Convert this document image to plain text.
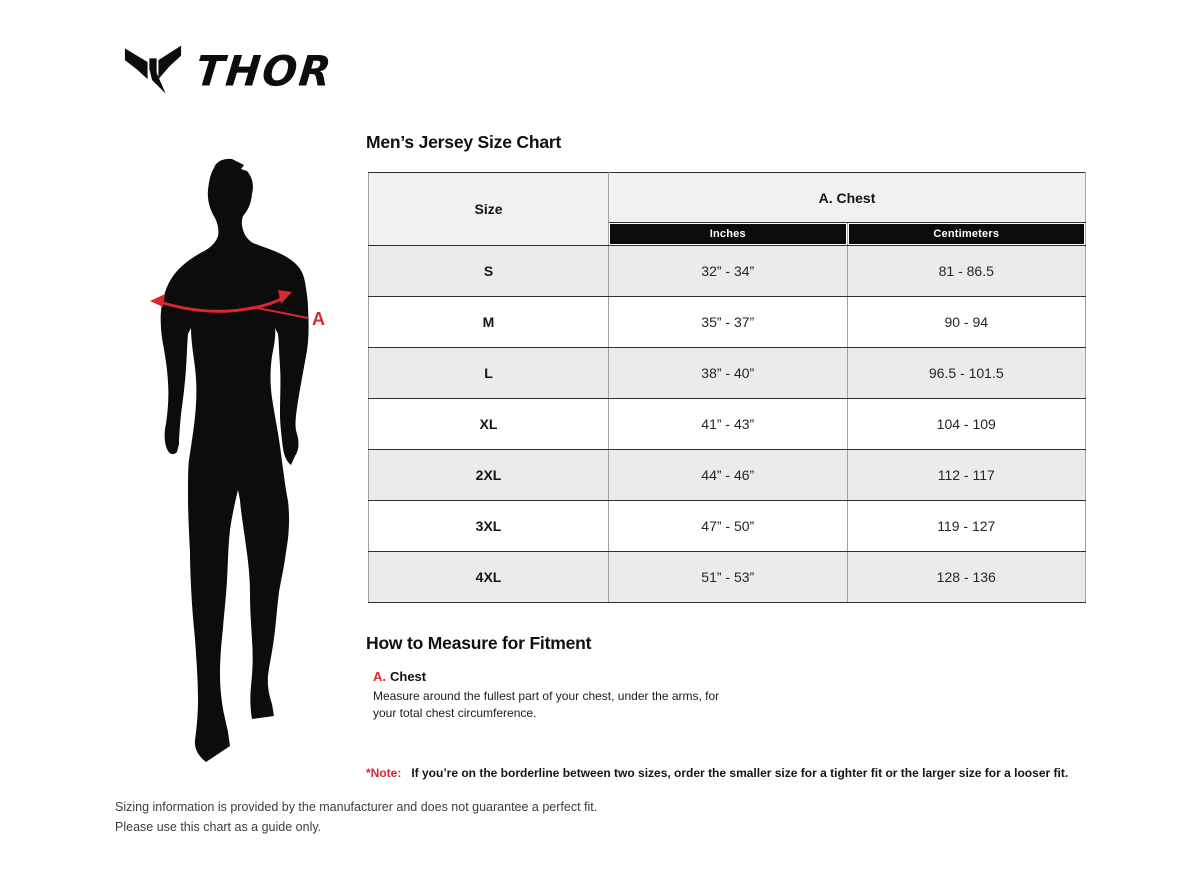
THOR
A
Men’s Jersey Size Chart
Size	A. Chest	

	Inches	Centimeters

S	32” - 34”	81 - 86.5
M	35” - 37”	90 - 94
L	38” - 40”	96.5 - 101.5
XL	41” - 43”	104 - 109
2XL	44” - 46”	112 - 117
3XL	47” - 50”	119 - 127
4XL	51” - 53”	128 - 136
How to Measure for Fitment
A. Chest
Measure around the fullest part of your chest, under the arms, for your total chest circumference.
*Note: If you’re on the borderline between two sizes, order the smaller size for a tighter fit or the larger size for a looser fit.
Sizing information is provided by the manufacturer and does not guarantee a perfect fit.
Please use this chart as a guide only.
